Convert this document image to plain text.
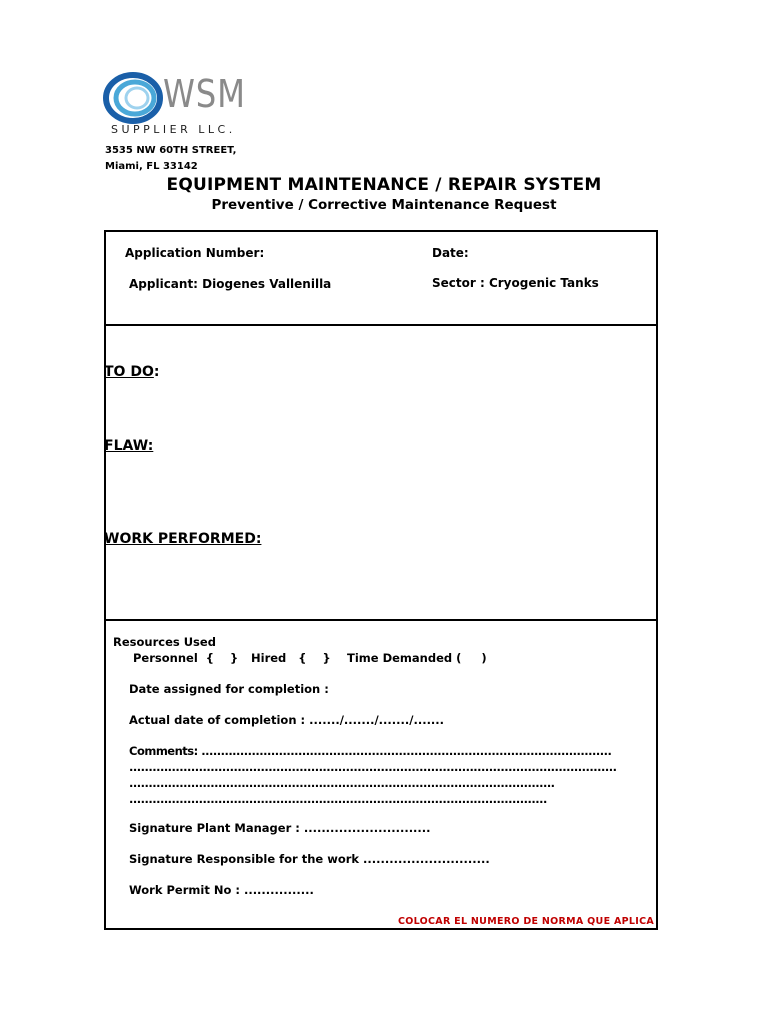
WSM
SUPPLIER LLC.
3535 NW 60TH STREET,
Miami, FL 33142
EQUIPMENT MAINTENANCE / REPAIR SYSTEM
Preventive / Corrective Maintenance Request
Application Number:	Date:
Applicant: Diogenes Vallenilla	Sector : Cryogenic Tanks
TO DO:
FLAW:
WORK PERFORMED:
Resources Used
Personnel  {    } Hired   {    } Time Demanded (     )
Date assigned for completion :
Actual date of completion : ......./......./......./.......
Comments: ..........................................................................................................
..............................................................................................................................
..............................................................................................................
............................................................................................................
Signature Plant Manager : .............................
Signature Responsible for the work .............................
Work Permit No : ................
COLOCAR EL NUMERO DE NORMA QUE APLICA
